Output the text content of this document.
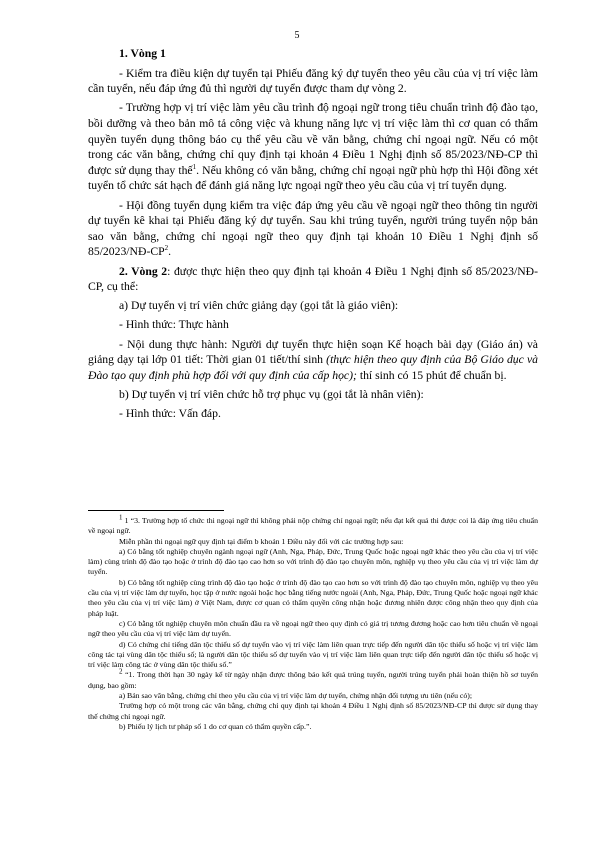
5

1. Vòng 1

- Kiểm tra điều kiện dự tuyển tại Phiếu đăng ký dự tuyển theo yêu cầu của vị trí việc làm cần tuyển, nếu đáp ứng đủ thì người dự tuyển được tham dự vòng 2.

- Trường hợp vị trí việc làm yêu cầu trình độ ngoại ngữ trong tiêu chuẩn trình độ đào tạo, bồi dưỡng và theo bản mô tả công việc và khung năng lực vị trí việc làm thì cơ quan có thẩm quyền tuyển dụng thông báo cụ thể yêu cầu về văn bằng, chứng chỉ ngoại ngữ. Nếu có một trong các văn bằng, chứng chỉ quy định tại khoản 4 Điều 1 Nghị định số 85/2023/NĐ-CP thì được sử dụng thay thế$^1$. Nếu không có văn bằng, chứng chỉ ngoại ngữ phù hợp thì Hội đồng xét tuyển tổ chức sát hạch để đánh giá năng lực ngoại ngữ theo yêu cầu của vị trí tuyển dụng.

- Hội đồng tuyển dụng kiểm tra việc đáp ứng yêu cầu về ngoại ngữ theo thông tin người dự tuyển kê khai tại Phiếu đăng ký dự tuyển. Sau khi trúng tuyển, người trúng tuyển nộp bản sao văn bằng, chứng chỉ ngoại ngữ theo quy định tại khoản 10 Điều 1 Nghị định số $85/2023/NĐ-CP^2$.

2. Vòng 2: được thực hiện theo quy định tại khoản 4 Điều 1 Nghị định số 85/2023/NĐ-CP, cụ thể:

a) Dự tuyển vị trí viên chức giảng dạy (gọi tắt là giáo viên):

- Hình thức: Thực hành

- Nội dung thực hành: Người dự tuyển thực hiện soạn Kế hoạch bài dạy (Giáo án) và giảng dạy tại lớp 01 tiết: Thời gian 01 tiết/thí sinh (thực hiện theo quy định của Bộ Giáo dục và Đào tạo quy định phù hợp đối với quy định của cấp học); thí sinh có 15 phút để chuẩn bị.

b) Dự tuyển vị trí viên chức hỗ trợ phục vụ (gọi tắt là nhân viên):

- Hình thức: Vấn đáp.

$^1$ 1 “3. Trường hợp tổ chức thi ngoại ngữ thì không phải nộp chứng chỉ ngoại ngữ; nếu đạt kết quả thi được coi là đáp ứng tiêu chuẩn về ngoại ngữ.

Miễn phần thi ngoại ngữ quy định tại điểm b khoản 1 Điều này đối với các trường hợp sau:

a) Có bằng tốt nghiệp chuyên ngành ngoại ngữ (Anh, Nga, Pháp, Đức, Trung Quốc hoặc ngoại ngữ khác theo yêu cầu của vị trí việc làm) cùng trình độ đào tạo hoặc ở trình độ đào tạo cao hơn so với trình độ đào tạo chuyên môn, nghiệp vụ theo yêu cầu của vị trí việc làm dự tuyển.

b) Có bằng tốt nghiệp cùng trình độ đào tạo hoặc ở trình độ đào tạo cao hơn so với trình độ đào tạo chuyên môn, nghiệp vụ theo yêu cầu của vị trí việc làm dự tuyển, học tập ở nước ngoài hoặc học bằng tiếng nước ngoài (Anh, Nga, Pháp, Đức, Trung Quốc hoặc ngoại ngữ khác theo yêu cầu của vị trí việc làm) ở Việt Nam, được cơ quan có thẩm quyền công nhận hoặc đương nhiên được công nhận theo quy định của pháp luật.

c) Có bằng tốt nghiệp chuyên môn chuẩn đầu ra về ngoại ngữ theo quy định có giá trị tương đương hoặc cao hơn tiêu chuẩn về ngoại ngữ theo yêu cầu của vị trí việc làm dự tuyển.

d) Có chứng chỉ tiếng dân tộc thiểu số dự tuyển vào vị trí việc làm liên quan trực tiếp đến người dân tộc thiểu số hoặc vị trí việc làm công tác tại vùng dân tộc thiểu số; là người dân tộc thiểu số dự tuyển vào vị trí việc làm liên quan trực tiếp đến người dân tộc thiểu số hoặc vị trí việc làm công tác ở vùng dân tộc thiểu số.”

$^2$ “1. Trong thời hạn 30 ngày kể từ ngày nhận được thông báo kết quả trúng tuyển, người trúng tuyển phải hoàn thiện hồ sơ tuyển dụng, bao gồm:

a) Bản sao văn bằng, chứng chỉ theo yêu cầu của vị trí việc làm dự tuyển, chứng nhận đối tượng ưu tiên (nếu có);

Trường hợp có một trong các văn bằng, chứng chỉ quy định tại khoản 4 Điều 1 Nghị định số 85/2023/NĐ-CP thì được sử dụng thay thế chứng chỉ ngoại ngữ.

b) Phiếu lý lịch tư pháp số 1 do cơ quan có thẩm quyền cấp.”.
